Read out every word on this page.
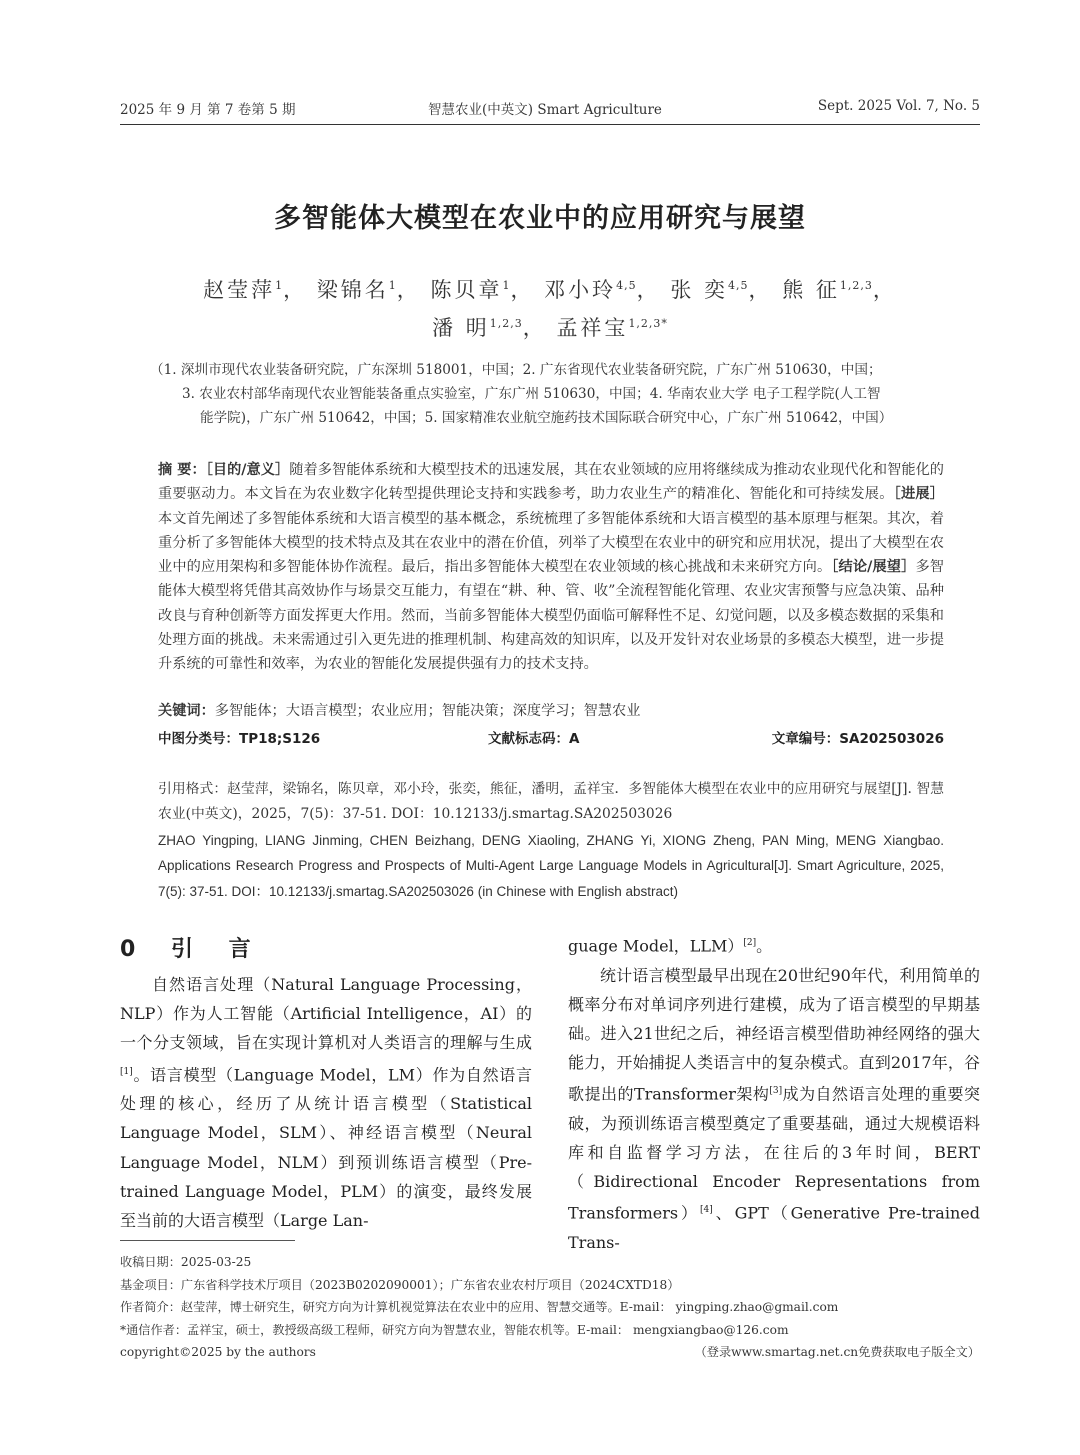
2025 年 9 月 第 7 卷第 5 期	智慧农业(中英文) Smart Agriculture	Sept. 2025 Vol. 7, No. 5
多智能体大模型在农业中的应用研究与展望
赵莹萍$^1$， 梁锦名$^1$， 陈贝章$^1$， 邓小玲$^{4,5}$， 张 奕$^{4,5}$， 熊 征$^{1,2,3}$，
潘 明$^{1,2,3}$， 孟祥宝$^{1,2,3*}$
（1. 深圳市现代农业装备研究院，广东深圳 518001，中国；2. 广东省现代农业装备研究院，广东广州 510630，中国；
3. 农业农村部华南现代农业智能装备重点实验室，广东广州 510630，中国；4. 华南农业大学 电子工程学院(人工智
能学院)，广东广州 510642，中国；5. 国家精准农业航空施药技术国际联合研究中心，广东广州 510642，中国）
摘 要：［目的/意义］随着多智能体系统和大模型技术的迅速发展，其在农业领域的应用将继续成为推动农业现代化和智能化的重要驱动力。本文旨在为农业数字化转型提供理论支持和实践参考，助力农业生产的精准化、智能化和可持续发展。［进展］本文首先阐述了多智能体系统和大语言模型的基本概念，系统梳理了多智能体系统和大语言模型的基本原理与框架。其次，着重分析了多智能体大模型的技术特点及其在农业中的潜在价值，列举了大模型在农业中的研究和应用状况，提出了大模型在农业中的应用架构和多智能体协作流程。最后，指出多智能体大模型在农业领域的核心挑战和未来研究方向。［结论/展望］多智能体大模型将凭借其高效协作与场景交互能力，有望在“耕、种、管、收”全流程智能化管理、农业灾害预警与应急决策、品种改良与育种创新等方面发挥更大作用。然而，当前多智能体大模型仍面临可解释性不足、幻觉问题，以及多模态数据的采集和处理方面的挑战。未来需通过引入更先进的推理机制、构建高效的知识库，以及开发针对农业场景的多模态大模型，进一步提升系统的可靠性和效率，为农业的智能化发展提供强有力的技术支持。
关键词：多智能体；大语言模型；农业应用；智能决策；深度学习；智慧农业
中图分类号：TP18;S126	文献标志码：A	文章编号：SA202503026

引用格式：赵莹萍，梁锦名，陈贝章，邓小玲，张奕，熊征，潘明，孟祥宝．多智能体大模型在农业中的应用研究与展望[J]. 智慧农业(中英文)，2025，7(5)：37-51. DOI：10.12133/j.smartag.SA202503026

ZHAO Yingping, LIANG Jinming, CHEN Beizhang, DENG Xiaoling, ZHANG Yi, XIONG Zheng, PAN Ming, MENG Xiangbao. Applications Research Progress and Prospects of Multi-Agent Large Language Models in Agricultural[J]. Smart Agriculture, 2025, 7(5): 37-51. DOI：10.12133/j.smartag.SA202503026 (in Chinese with English abstract)

0 引 言

自然语言处理（Natural Language Processing，NLP）作为人工智能（Artificial Intelligence，AI）的一个分支领域，旨在实现计算机对人类语言的理解与生成[1]。语言模型（Language Model，LM）作为自然语言处理的核心，经历了从统计语言模型（Statistical Language Model，SLM）、神经语言模型（Neural Language Model，NLM）到预训练语言模型（Pre-trained Language Model，PLM）的演变，最终发展至当前的大语言模型（Large Lan-

guage Model，LLM）[2]。

统计语言模型最早出现在20世纪90年代，利用简单的概率分布对单词序列进行建模，成为了语言模型的早期基础。进入21世纪之后，神经语言模型借助神经网络的强大能力，开始捕捉人类语言中的复杂模式。直到2017年，谷歌提出的Transformer架构[3]成为自然语言处理的重要突破，为预训练语言模型奠定了重要基础，通过大规模语料库和自监督学习方法，在往后的3年时间，BERT（Bidirectional Encoder Representations from Transformers）[4]、GPT（Generative Pre-trained Trans-

收稿日期：2025-03-25
基金项目：广东省科学技术厅项目（2023B0202090001）；广东省农业农村厅项目（2024CXTD18）
作者简介：赵莹萍，博士研究生，研究方向为计算机视觉算法在农业中的应用、智慧交通等。E-mail： yingping.zhao@gmail.com
*通信作者：孟祥宝，硕士，教授级高级工程师，研究方向为智慧农业，智能农机等。E-mail： mengxiangbao@126.com
copyright©2025 by the authors	（登录www.smartag.net.cn免费获取电子版全文）
